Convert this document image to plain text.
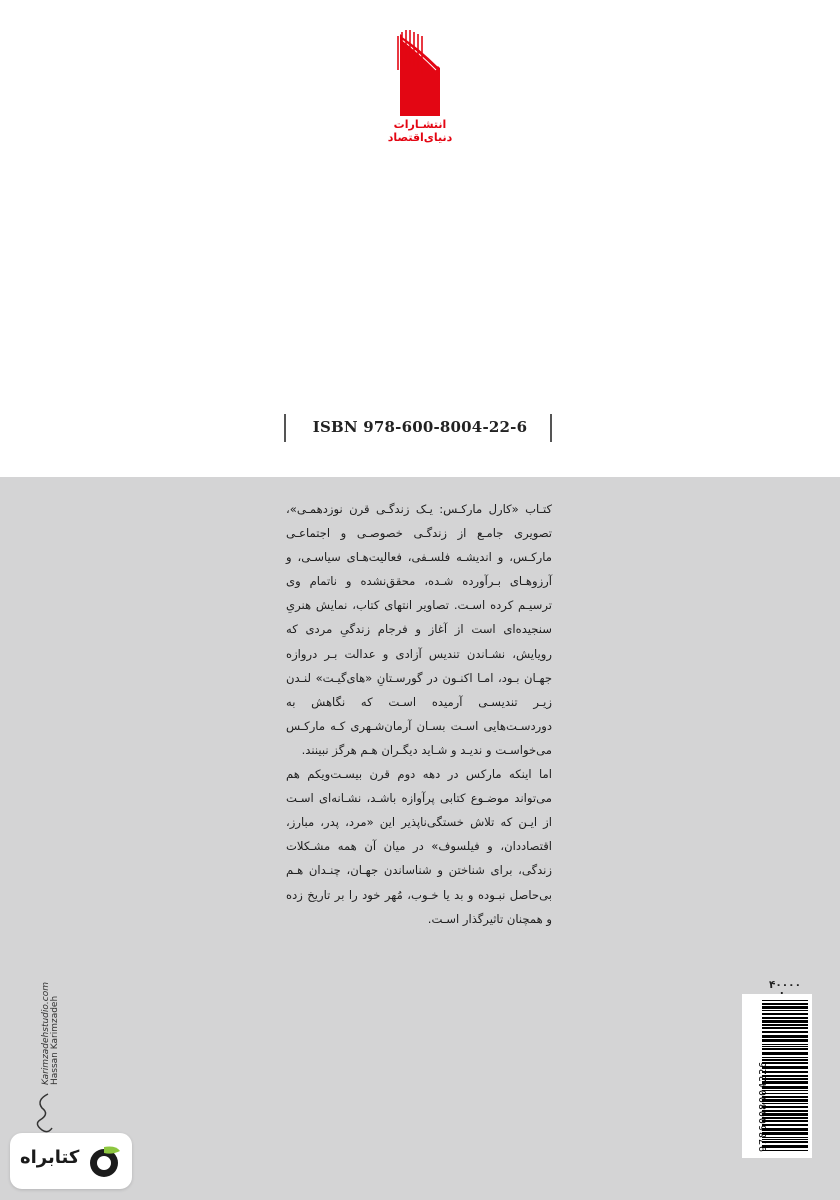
انتشـارات
دنیای‌اقتصاد
ISBN 978-600-8004-22-6

کتـاب «کارل مارکـس: یـک زندگـی قرن نوزدهمـی»، تصویری جامـع از زندگـی خصوصـی و اجتماعـی مارکـس، و اندیشـه فلسـفی، فعالیت‌هـای سیاسـی، و آرزوهـای بـرآورده شـده، محقق‌نشده و ناتمام وی ترسیـم کرده اسـت. تصاویر انتهای کتاب، نمایش هنریِ سنجیده‌ای است از آغاز و فرجام زندگیِ مردی که رویایش، نشـاندن تندیس آزادی و عدالت بـر دروازه جهـان بـود، امـا اکنـون در گورسـتانِ «های‌گیـت» لنـدن زیـر تندیسـی آرمیده اسـت که نگاهش به دوردسـت‌هایی اسـت بسـان آرمان‌شـهری کـه مارکـس می‌خواسـت و ندیـد و شـاید دیگـران هـم هرگز نبینند.

اما اینکه مارکس در دهه دوم قرن بیسـت‌ویکم هم می‌تواند موضـوع کتابی پرآوازه باشـد، نشـانه‌ای اسـت از ایـن که تلاش خستگی‌ناپذیر این «مرد، پدر، مبارز، اقتصاددان، و فیلسوف» در میان آن همه مشـکلات زندگی، برای شناختن و شناساندن جهـان، چنـدان هـم بی‌حاصل نبـوده و بد یا خـوب، مُهر خود را بر تاریخ زده و همچنان تاثیرگذار اسـت.

Hassan Karimzadeh
Karimzadehstudio.com	۴۰۰۰۰
9786008004226
کتابراه
